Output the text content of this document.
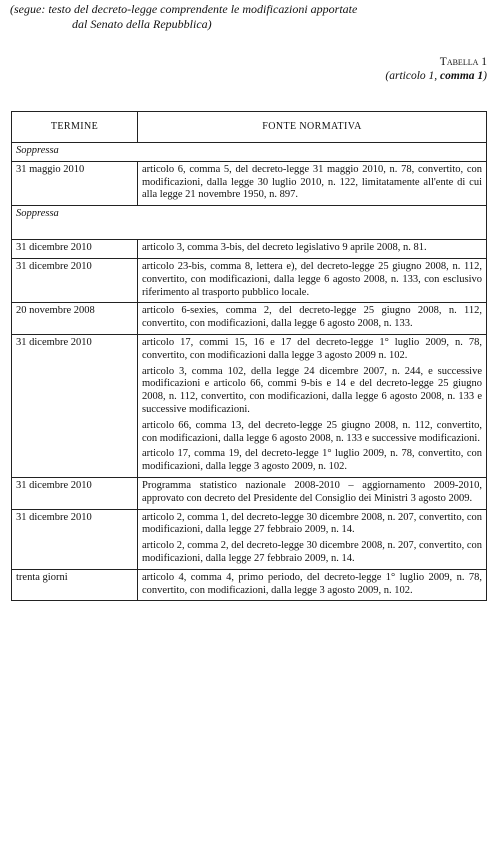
(segue: testo del decreto-legge comprendente le modificazioni apportate
dal Senato della Repubblica)
Tabella 1
(articolo 1, comma 1)
TERMINE	FONTE NORMATIVA
Soppressa	
31 maggio 2010	articolo 6, comma 5, del decreto-legge 31 maggio 2010, n. 78, convertito, con modificazioni, dalla legge 30 luglio 2010, n. 122, limitatamente all'ente di cui alla legge 21 novembre 1950, n. 897.

Soppressa	
31 dicembre 2010	articolo 3, comma 3-bis, del decreto legislativo 9 aprile 2008, n. 81.

31 dicembre 2010	articolo 23-bis, comma 8, lettera e), del decreto-legge 25 giugno 2008, n. 112, convertito, con modificazioni, dalla legge 6 agosto 2008, n. 133, con esclusivo riferimento al trasporto pubblico locale.

20 novembre 2008	articolo 6-sexies, comma 2, del decreto-legge 25 giugno 2008, n. 112, convertito, con modificazioni, dalla legge 6 agosto 2008, n. 133.

31 dicembre 2010	articolo 17, commi 15, 16 e 17 del decreto-legge 1° luglio 2009, n. 78, convertito, con modificazioni dalla legge 3 agosto 2009 n. 102.
articolo 3, comma 102, della legge 24 dicembre 2007, n. 244, e successive modificazioni e articolo 66, commi 9-bis e 14 e del decreto-legge 25 giugno 2008, n. 112, convertito, con modificazioni, dalla legge 6 agosto 2008, n. 133 e successive modificazioni.
articolo 66, comma 13, del decreto-legge 25 giugno 2008, n. 112, convertito, con modificazioni, dalla legge 6 agosto 2008, n. 133 e successive modificazioni.
articolo 17, comma 19, del decreto-legge 1° luglio 2009, n. 78, convertito, con modificazioni, dalla legge 3 agosto 2009, n. 102.

31 dicembre 2010	Programma statistico nazionale 2008-2010 – aggiornamento 2009-2010, approvato con decreto del Presidente del Consiglio dei Ministri 3 agosto 2009.

31 dicembre 2010	articolo 2, comma 1, del decreto-legge 30 dicembre 2008, n. 207, convertito, con modificazioni, dalla legge 27 febbraio 2009, n. 14.
articolo 2, comma 2, del decreto-legge 30 dicembre 2008, n. 207, convertito, con modificazioni, dalla legge 27 febbraio 2009, n. 14.

trenta giorni	articolo 4, comma 4, primo periodo, del decreto-legge 1° luglio 2009, n. 78, convertito, con modificazioni, dalla legge 3 agosto 2009, n. 102.
